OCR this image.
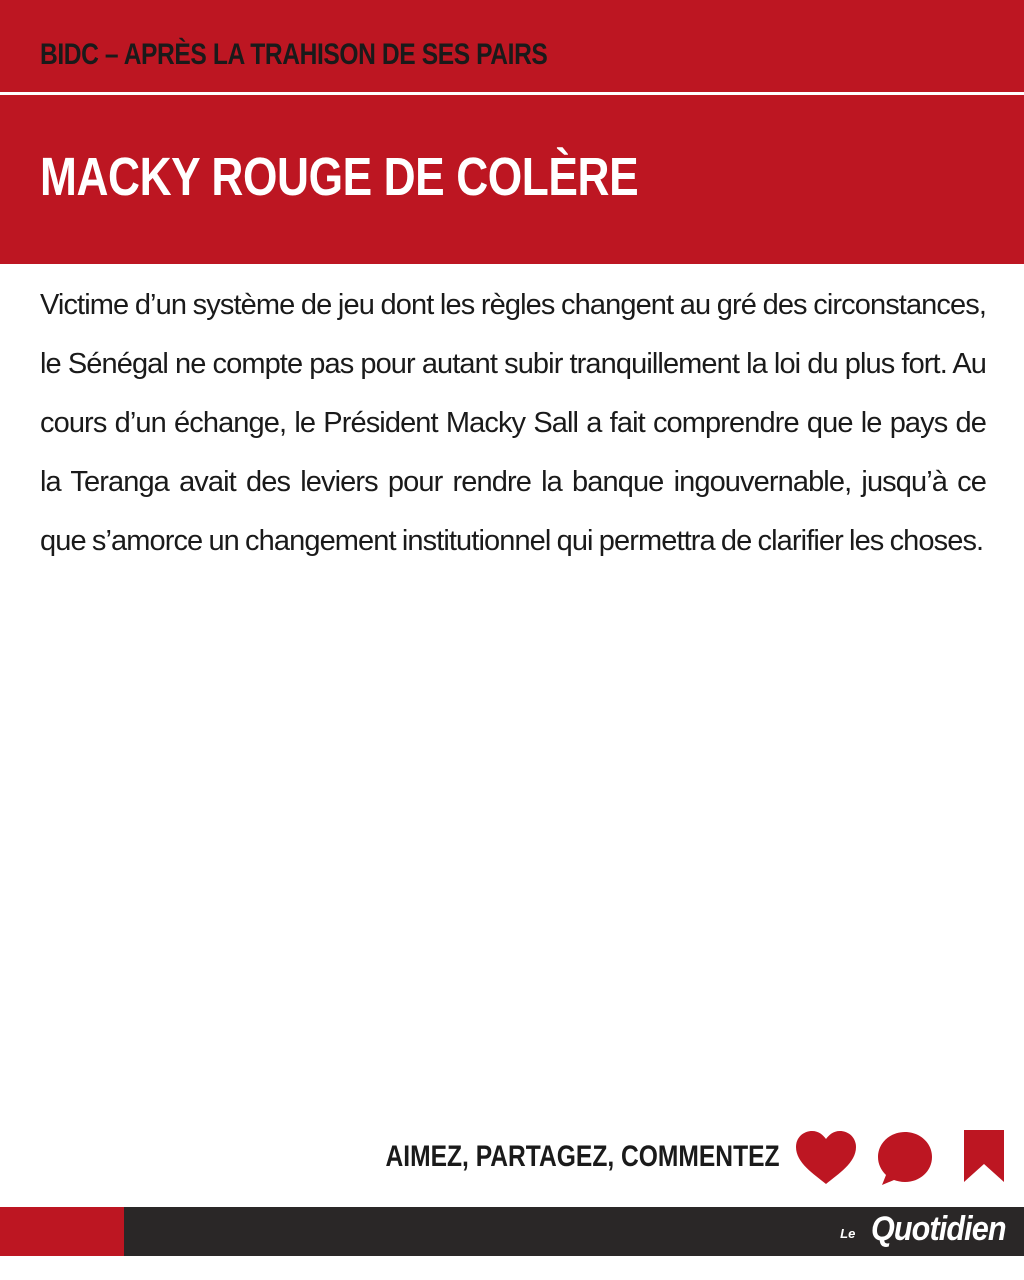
BIDC – APRÈS LA TRAHISON DE SES PAIRS
MACKY ROUGE DE COLÈRE

Victime d’un système de jeu dont les règles changent au gré des circonstances, le Sénégal ne compte pas pour autant subir tranquillement la loi du plus fort. Au cours d’un échange, le Président Macky Sall a fait comprendre que le pays de la Teranga avait des leviers pour rendre la banque ingouvernable, jusqu’à ce que s’amorce un changement institutionnel qui permettra de clarifier les choses.

AIMEZ, PARTAGEZ, COMMENTEZ
Le Quotidien
